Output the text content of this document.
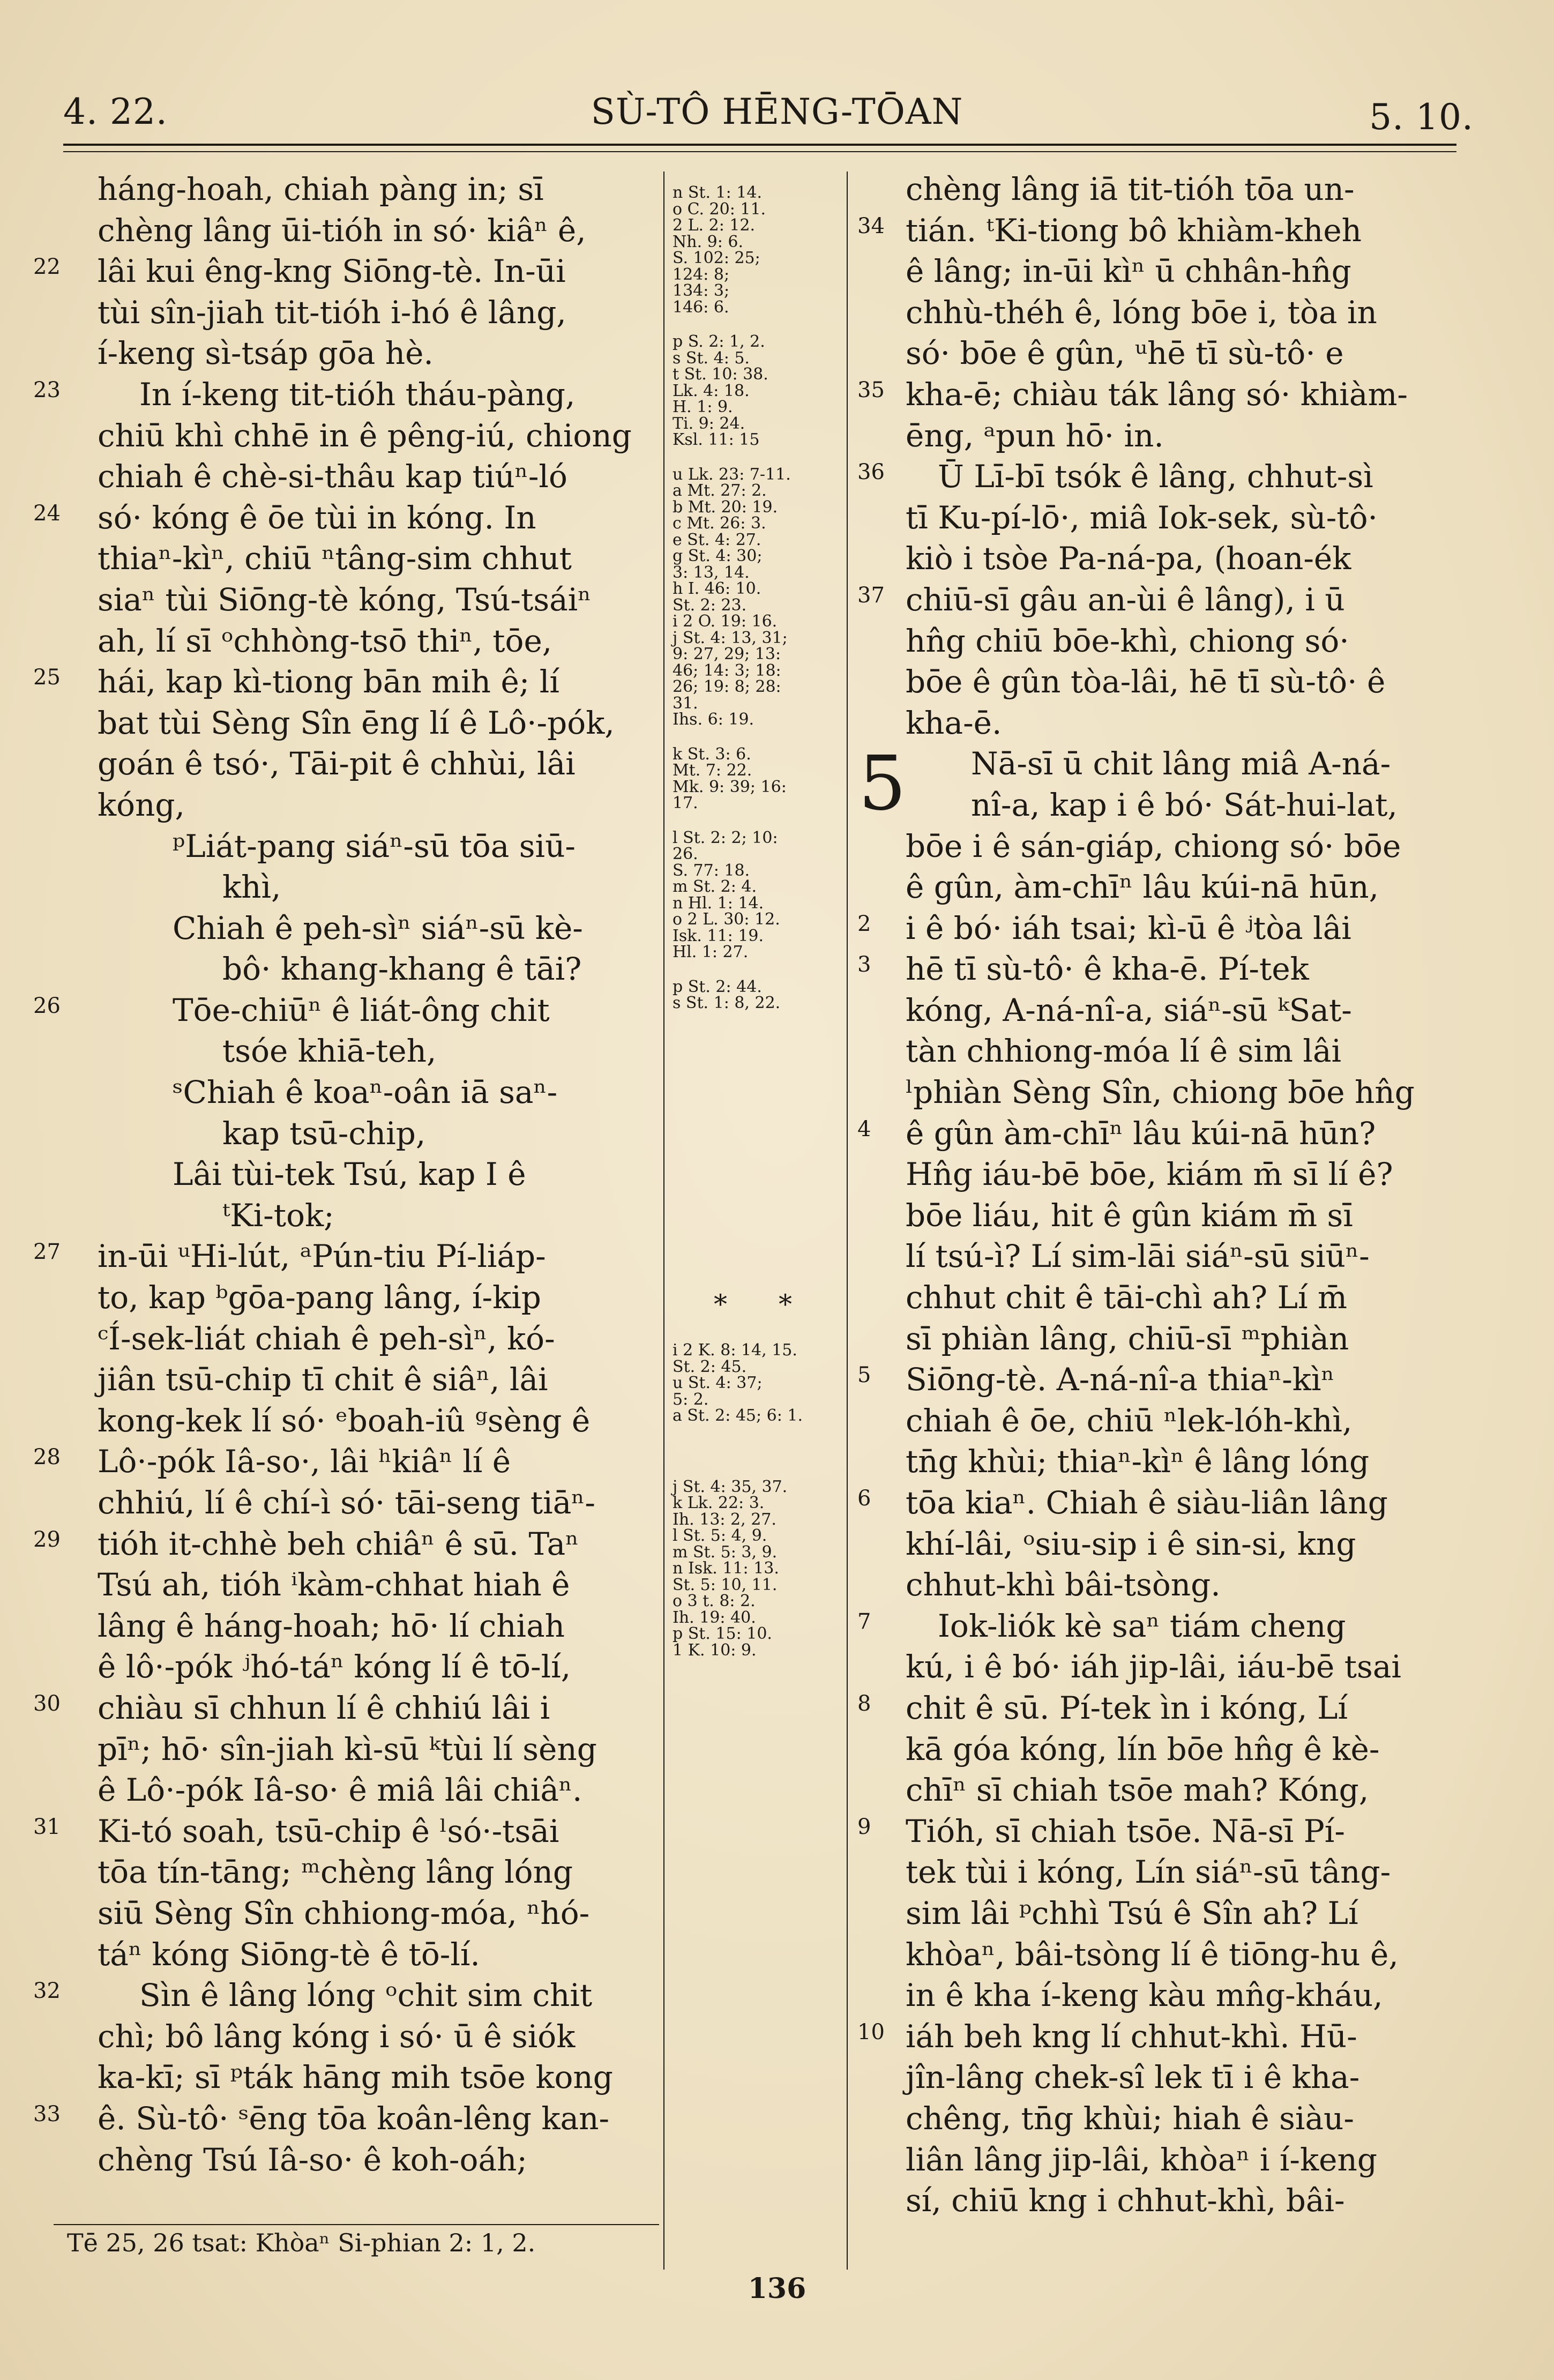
4. 22.	SÙ-TÔ HĒNG-TŌAN	5. 10.
háng-hoah, chiah pàng in; sī
chèng lâng ūi-tióh in só· kiâⁿ ê,
22 lâi kui êng-kng Siōng-tè. In-ūi
tùi sîn-jiah tit-tióh i-hó ê lâng,
í-keng sì-tsáp gōa hè.
23	In í-keng tit-tióh tháu-pàng,
chiū khì chhē in ê pêng-iú, chiong
chiah ê chè-si-thâu kap tiúⁿ-ló
24 só· kóng ê ōe tùi in kóng. In
thiaⁿ-kìⁿ, chiū ⁿtâng-sim chhut
siaⁿ tùi Siōng-tè kóng, Tsú-tsáiⁿ
ah, lí sī ᵒchhòng-tsō thiⁿ, tōe,
25 hái, kap kì-tiong bān mih ê; lí
bat tùi Sèng Sîn ēng lí ê Lô·-pók,
goán ê tsó·, Tāi-pit ê chhùi, lâi
kóng,
ᵖLiát-pang siáⁿ-sū tōa siū-
khì,
Chiah ê peh-sìⁿ siáⁿ-sū kè-
bô· khang-khang ê tāi?
26	Tōe-chiūⁿ ê liát-ông chit
tsóe khiā-teh,
ˢChiah ê koaⁿ-oân iā saⁿ-
kap tsū-chip,
Lâi tùi-tek Tsú, kap I ê
ᵗKi-tok;
27 in-ūi ᵘHi-lút, ᵃPún-tiu Pí-liáp-
to, kap ᵇgōa-pang lâng, í-kip
ᶜÍ-sek-liát chiah ê peh-sìⁿ, kó-
jiân tsū-chip tī chit ê siâⁿ, lâi
kong-kek lí só· ᵉboah-iû ᵍsèng ê
28 Lô·-pók Iâ-so·, lâi ʰkiâⁿ lí ê
chhiú, lí ê chí-ì só· tāi-seng tiāⁿ-
29 tióh it-chhè beh chiâⁿ ê sū. Taⁿ
Tsú ah, tióh ⁱkàm-chhat hiah ê
lâng ê háng-hoah; hō· lí chiah
ê lô·-pók ʲhó-táⁿ kóng lí ê tō-lí,
30 chiàu sī chhun lí ê chhiú lâi i
pīⁿ; hō· sîn-jiah kì-sū ᵏtùi lí sèng
ê Lô·-pók Iâ-so· ê miâ lâi chiâⁿ.
31 Ki-tó soah, tsū-chip ê ˡsó·-tsāi
tōa tín-tāng; ᵐchèng lâng lóng
siū Sèng Sîn chhiong-móa, ⁿhó-
táⁿ kóng Siōng-tè ê tō-lí.
32	Sìn ê lâng lóng ᵒchit sim chit
chì; bô lâng kóng i só· ū ê siók
ka-kī; sī ᵖták hāng mih tsōe kong
33 ê. Sù-tô· ˢēng tōa koân-lêng kan-
chèng Tsú Iâ-so· ê koh-oáh;
n St. 1: 14.
o C. 20: 11.
2 L. 2: 12.
Nh. 9: 6.
S. 102: 25;
124: 8;
134: 3;
146: 6.
p S. 2: 1, 2.
s St. 4: 5.
t St. 10: 38.
Lk. 4: 18.
H. 1: 9.
Ti. 9: 24.
Ksl. 11: 15
u Lk. 23: 7-11.
a Mt. 27: 2.
b Mt. 20: 19.
c Mt. 26: 3.
e St. 4: 27.
g St. 4: 30;
3: 13, 14.
h I. 46: 10.
St. 2: 23.
i 2 O. 19: 16.
j St. 4: 13, 31;
9: 27, 29; 13:
46; 14: 3; 18:
26; 19: 8; 28:
31.
Ihs. 6: 19.
k St. 3: 6.
Mt. 7: 22.
Mk. 9: 39; 16:
17.
l St. 2: 2; 10:
26.
S. 77: 18.
m St. 2: 4.
n Hl. 1: 14.
o 2 L. 30: 12.
Isk. 11: 19.
Hl. 1: 27.
p St. 2: 44.
s St. 1: 8, 22.
* *
i 2 K. 8: 14, 15.
St. 2: 45.
u St. 4: 37;
5: 2.
a St. 2: 45; 6: 1.
j St. 4: 35, 37.
k Lk. 22: 3.
Ih. 13: 2, 27.
l St. 5: 4, 9.
m St. 5: 3, 9.
n Isk. 11: 13.
St. 5: 10, 11.
o 3 t. 8: 2.
Ih. 19: 40.
p St. 15: 10.
1 K. 10: 9.
chèng lâng iā tit-tióh tōa un-
34 tián. ᵗKi-tiong bô khiàm-kheh
ê lâng; in-ūi kìⁿ ū chhân-hn̂g
chhù-théh ê, lóng bōe i, tòa in
só· bōe ê gûn, ᵘhē tī sù-tô· e
35 kha-ē; chiàu ták lâng só· khiàm-
ēng, ᵃpun hō· in.
36 Ū Lī-bī tsók ê lâng, chhut-sì
tī Ku-pí-lō·, miâ Iok-sek, sù-tô·
kiò i tsòe Pa-ná-pa, (hoan-ék
37 chiū-sī gâu an-ùi ê lâng), i ū
hn̂g chiū bōe-khì, chiong só·
bōe ê gûn tòa-lâi, hē tī sù-tô· ê
kha-ē.
5 Nā-sī ū chit lâng miâ A-ná-
nî-a, kap i ê bó· Sát-hui-lat,
bōe i ê sán-giáp, chiong só· bōe
ê gûn, àm-chīⁿ lâu kúi-nā hūn,
2 i ê bó· iáh tsai; kì-ū ê ʲtòa lâi
3 hē tī sù-tô· ê kha-ē. Pí-tek
kóng, A-ná-nî-a, siáⁿ-sū ᵏSat-
tàn chhiong-móa lí ê sim lâi
ˡphiàn Sèng Sîn, chiong bōe hn̂g
4 ê gûn àm-chīⁿ lâu kúi-nā hūn?
Hn̂g iáu-bē bōe, kiám m̄ sī lí ê?
bōe liáu, hit ê gûn kiám m̄ sī
lí tsú-ì? Lí sim-lāi siáⁿ-sū siūⁿ-
chhut chit ê tāi-chì ah? Lí m̄
sī phiàn lâng, chiū-sī ᵐphiàn
5 Siōng-tè. A-ná-nî-a thiaⁿ-kìⁿ
chiah ê ōe, chiū ⁿlek-lóh-khì,
tn̄g khùi; thiaⁿ-kìⁿ ê lâng lóng
6 tōa kiaⁿ. Chiah ê siàu-liân lâng
khí-lâi, ᵒsiu-sip i ê sin-si, kng
chhut-khì bâi-tsòng.
7 Iok-liók kè saⁿ tiám cheng
kú, i ê bó· iáh jip-lâi, iáu-bē tsai
8 chit ê sū. Pí-tek ìn i kóng, Lí
kā góa kóng, lín bōe hn̂g ê kè-
chīⁿ sī chiah tsōe mah? Kóng,
9 Tióh, sī chiah tsōe. Nā-sī Pí-
tek tùi i kóng, Lín siáⁿ-sū tâng-
sim lâi ᵖchhì Tsú ê Sîn ah? Lí
khòaⁿ, bâi-tsòng lí ê tiōng-hu ê,
in ê kha í-keng kàu mn̂g-kháu,
10 iáh beh kng lí chhut-khì. Hū-
jîn-lâng chek-sî lek tī i ê kha-
chêng, tn̄g khùi; hiah ê siàu-
liân lâng jip-lâi, khòaⁿ i í-keng
sí, chiū kng i chhut-khì, bâi-
Tē 25, 26 tsat: Khòaⁿ Si-phian 2: 1, 2.
136
